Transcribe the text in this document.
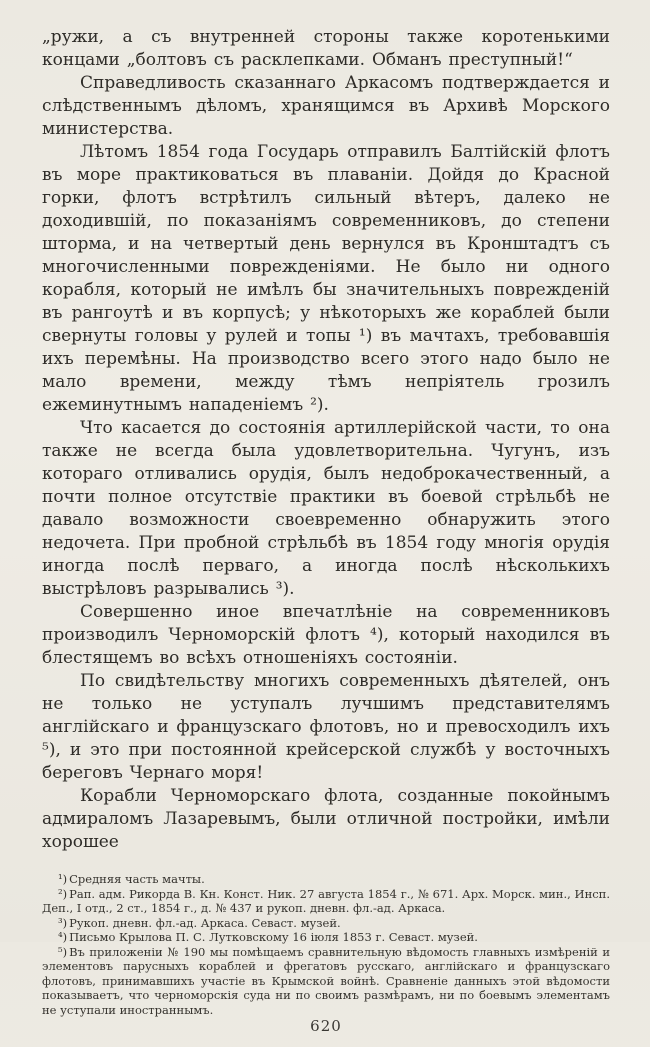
„ружи, а съ внутренней стороны также коротенькими концами „болтовъ съ расклепками. Обманъ преступный!“

Справедливость сказаннаго Аркасомъ подтверждается и слѣдственнымъ дѣломъ, хранящимся въ Архивѣ Морского министерства.

Лѣтомъ 1854 года Государь отправилъ Балтійскій флотъ въ море практиковаться въ плаваніи. Дойдя до Красной горки, флотъ встрѣтилъ сильный вѣтеръ, далеко не доходившій, по показаніямъ современниковъ, до степени шторма, и на четвертый день вернулся въ Кронштадтъ съ многочисленными поврежденіями. Не было ни одного корабля, который не имѣлъ бы значительныхъ поврежденій въ рангоутѣ и въ корпусѣ; у нѣкоторыхъ же кораблей были свернуты головы у рулей и топы ¹) въ мачтахъ, требовавшія ихъ перемѣны. На производство всего этого надо было не мало времени, между тѣмъ непріятель грозилъ ежеминутнымъ нападеніемъ ²).

Что касается до состоянія артиллерійской части, то она также не всегда была удовлетворительна. Чугунъ, изъ котораго отливались орудія, былъ недоброкачественный, а почти полное отсутствіе практики въ боевой стрѣльбѣ не давало возможности своевременно обнаружить этого недочета. При пробной стрѣльбѣ въ 1854 году многія орудія иногда послѣ перваго, а иногда послѣ нѣсколькихъ выстрѣловъ разрывались ³).

Совершенно иное впечатлѣніе на современниковъ производилъ Черноморскій флотъ ⁴), который находился въ блестящемъ во всѣхъ отношеніяхъ состояніи.

По свидѣтельству многихъ современныхъ дѣятелей, онъ не только не уступалъ лучшимъ представителямъ англійскаго и французскаго флотовъ, но и превосходилъ ихъ ⁵), и это при постоянной крейсерской службѣ у восточныхъ береговъ Чернаго моря!

Корабли Черноморскаго флота, созданные покойнымъ адмираломъ Лазаревымъ, были отличной постройки, имѣли хорошее

¹) Средняя часть мачты.

²) Рап. адм. Рикорда В. Кн. Конст. Ник. 27 августа 1854 г., № 671. Арх. Морск. мин., Инсп. Деп., I отд., 2 ст., 1854 г., д. № 437 и рукоп. дневн. фл.-ад. Аркаса.

³) Рукоп. дневн. фл.-ад. Аркаса. Севаст. музей.

⁴) Письмо Крылова П. С. Лутковскому 16 іюля 1853 г. Севаст. музей.

⁵) Въ приложеніи № 190 мы помѣщаемъ сравнительную вѣдомость главныхъ измѣреній и элементовъ парусныхъ кораблей и фрегатовъ русскаго, англійскаго и французскаго флотовъ, принимавшихъ участіе въ Крымской войнѣ. Сравненіе данныхъ этой вѣдомости показываетъ, что черноморскія суда ни по своимъ размѣрамъ, ни по боевымъ элементамъ не уступали иностраннымъ.

620
